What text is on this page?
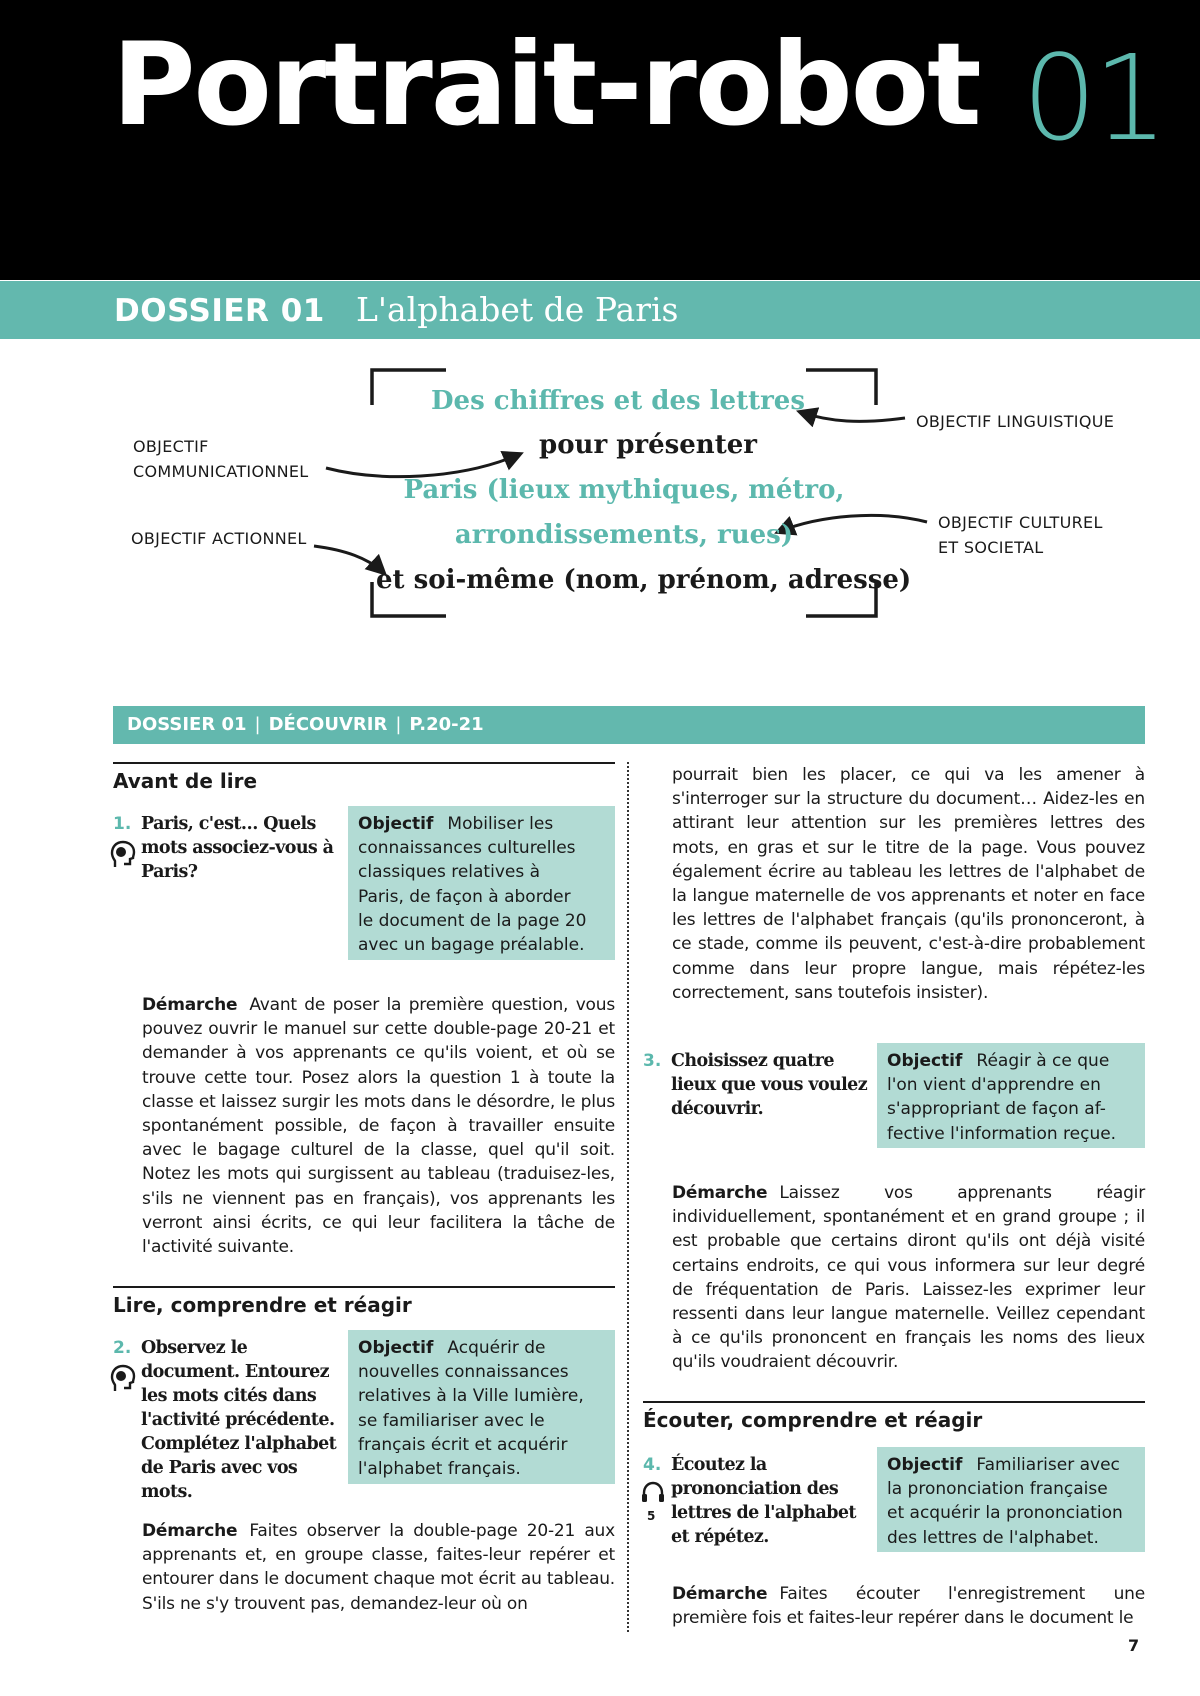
Portrait-robot 01
DOSSIER 01 L'alphabet de Paris
OBJECTIF
COMMUNICATIONNEL
OBJECTIF ACTIONNEL
OBJECTIF LINGUISTIQUE
OBJECTIF CULTUREL
ET SOCIETAL
Des chiffres et des lettres
pour présenter
Paris (lieux mythiques, métro,
arrondissements, rues)
et soi-même (nom, prénom, adresse)
DOSSIER 01 | DÉCOUVRIR | P.20-21
Avant de lire
1. Paris, c'est… Quels
mots associez-vous à
Paris?
Objectif Mobiliser les
connaissances culturelles
classiques relatives à
Paris, de façon à aborder
le document de la page 20
avec un bagage préalable.
Démarche Avant de poser la première question, vous pouvez ouvrir le manuel sur cette double-page 20-21 et demander à vos apprenants ce qu'ils voient, et où se trouve cette tour. Posez alors la question 1 à toute la classe et laissez surgir les mots dans le désordre, le plus spontanément possible, de façon à travailler ensuite avec le bagage culturel de la classe, quel qu'il soit. Notez les mots qui surgissent au tableau (traduisez-les, s'ils ne viennent pas en français), vos apprenants les verront ainsi écrits, ce qui leur facilitera la tâche de l'activité suivante.
Lire, comprendre et réagir
2. Observez le
document. Entourez
les mots cités dans
l'activité précédente.
Complétez l'alphabet
de Paris avec vos mots.
Objectif Acquérir de
nouvelles connaissances
relatives à la Ville lumière,
se familiariser avec le
français écrit et acquérir
l'alphabet français.
Démarche Faites observer la double-page 20-21 aux apprenants et, en groupe classe, faites-leur repérer et entourer dans le document chaque mot écrit au tableau. S'ils ne s'y trouvent pas, demandez-leur où on
pourrait bien les placer, ce qui va les amener à s'interroger sur la structure du document… Aidez-les en attirant leur attention sur les premières lettres des mots, en gras et sur le titre de la page. Vous pouvez également écrire au tableau les lettres de l'alphabet de la langue maternelle de vos apprenants et noter en face les lettres de l'alphabet français (qu'ils prononceront, à ce stade, comme ils peuvent, c'est-à-dire probablement comme dans leur propre langue, mais répétez-les correctement, sans toutefois insister).
3. Choisissez quatre
lieux que vous voulez
découvrir.
Objectif Réagir à ce que
l'on vient d'apprendre en
s'appropriant de façon af-
fective l'information reçue.
Démarche Laissez vos apprenants réagir individuellement, spontanément et en grand groupe ; il est probable que certains diront qu'ils ont déjà visité certains endroits, ce qui vous informera sur leur degré de fréquentation de Paris. Laissez-les exprimer leur ressenti dans leur langue maternelle. Veillez cependant à ce qu'ils prononcent en français les noms des lieux qu'ils voudraient découvrir.
Écouter, comprendre et réagir
4.
5
Écoutez la
prononciation des
lettres de l'alphabet
et répétez.
Objectif Familiariser avec
la prononciation française
et acquérir la prononciation
des lettres de l'alphabet.
Démarche Faites écouter l'enregistrement une première fois et faites-leur repérer dans le document le
7
